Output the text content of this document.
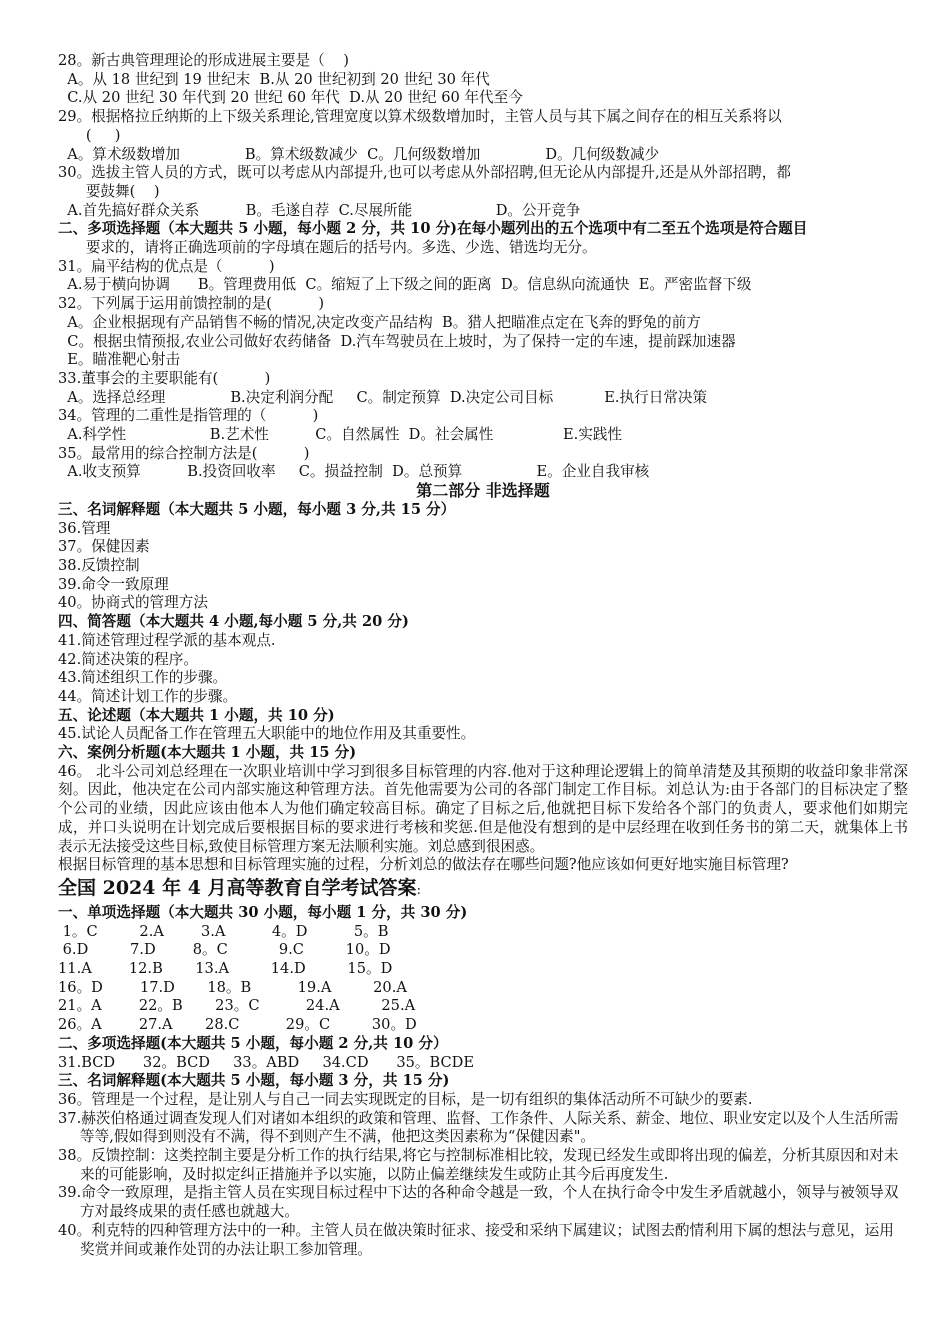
28。新古典管理理论的形成进展主要是（    )
A。从 18 世纪到 19 世纪末  B.从 20 世纪初到 20 世纪 30 年代
C.从 20 世纪 30 年代到 20 世纪 60 年代  D.从 20 世纪 60 年代至今
29。根据格拉丘纳斯的上下级关系理论,管理宽度以算术级数增加时，主管人员与其下属之间存在的相互关系将以
(     )
A。算术级数增加              B。算术级数减少  C。几何级数增加              D。几何级数减少
30。选拔主管人员的方式，既可以考虑从内部提升,也可以考虑从外部招聘,但无论从内部提升,还是从外部招聘，都
要鼓舞(    )
A.首先搞好群众关系          B。毛遂自荐  C.尽展所能                  D。公开竞争
二、多项选择题（本大题共 5 小题，每小题 2 分，共 10 分)在每小题列出的五个选项中有二至五个选项是符合题目
要求的，请将正确选项前的字母填在题后的括号内。多选、少选、错选均无分。
31。扁平结构的优点是（          )
A.易于横向协调      B。管理费用低  C。缩短了上下级之间的距离  D。信息纵向流通快  E。严密监督下级
32。下列属于运用前馈控制的是(          )
A。企业根据现有产品销售不畅的情况,决定改变产品结构  B。猎人把瞄准点定在飞奔的野兔的前方
C。根据虫情预报,农业公司做好农药储备  D.汽车驾驶员在上坡时，为了保持一定的车速，提前踩加速器
E。瞄准靶心射击
33.董事会的主要职能有(          )
A。选择总经理              B.决定利润分配     C。制定预算  D.决定公司目标           E.执行日常决策
34。管理的二重性是指管理的（          )
A.科学性                  B.艺术性          C。自然属性  D。社会属性               E.实践性
35。最常用的综合控制方法是(          )
A.收支预算          B.投资回收率     C。损益控制  D。总预算                E。企业自我审核
第二部分 非选择题
三、名词解释题（本大题共 5 小题，每小题 3 分,共 15 分）
36.管理
37。保健因素
38.反馈控制
39.命令一致原理
40。协商式的管理方法
四、简答题（本大题共 4 小题,每小题 5 分,共 20 分)
41.简述管理过程学派的基本观点.
42.简述决策的程序。
43.简述组织工作的步骤。
44。简述计划工作的步骤。
五、论述题（本大题共 1 小题，共 10 分)
45.试论人员配备工作在管理五大职能中的地位作用及其重要性。
六、案例分析题(本大题共 1 小题，共 15 分)
46。 北斗公司刘总经理在一次职业培训中学习到很多目标管理的内容.他对于这种理论逻辑上的简单清楚及其预期的收益印象非常深刻。因此，他决定在公司内部实施这种管理方法。首先他需要为公司的各部门制定工作目标。刘总认为:由于各部门的目标决定了整个公司的业绩，因此应该由他本人为他们确定较高目标。确定了目标之后,他就把目标下发给各个部门的负责人，要求他们如期完成，并口头说明在计划完成后要根据目标的要求进行考核和奖惩.但是他没有想到的是中层经理在收到任务书的第二天，就集体上书表示无法接受这些目标,致使目标管理方案无法顺利实施。刘总感到很困惑。
根据目标管理的基本思想和目标管理实施的过程，分析刘总的做法存在哪些问题?他应该如何更好地实施目标管理?
全国 2024 年 4 月高等教育自学考试答案:
一、单项选择题（本大题共 30 小题，每小题 1 分，共 30 分)
1。C         2.A        3.A          4。D          5。B
6.D         7.D        8。C           9.C         10。D
11.A        12.B       13.A         14.D         15。D
16。D        17.D       18。B          19.A         20.A
21。A        22。B       23。C          24.A         25.A
26。A        27.A       28.C          29。C         30。D
二、多项选择题(本大题共 5 小题，每小题 2 分,共 10 分）
31.BCD      32。BCD     33。ABD     34.CD      35。BCDE
三、名词解释题(本大题共 5 小题，每小题 3 分，共 15 分)
36。管理是一个过程，是让别人与自己一同去实现既定的目标，是一切有组织的集体活动所不可缺少的要素.
37.赫茨伯格通过调查发现人们对诸如本组织的政策和管理、监督、工作条件、人际关系、薪金、地位、职业安定以及个人生活所需等等,假如得到则没有不满，得不到则产生不满，他把这类因素称为“保健因素"。
38。反馈控制：这类控制主要是分析工作的执行结果,将它与控制标准相比较，发现已经发生或即将出现的偏差，分析其原因和对未来的可能影响，及时拟定纠正措施并予以实施，以防止偏差继续发生或防止其今后再度发生.
39.命令一致原理，是指主管人员在实现目标过程中下达的各种命令越是一致，个人在执行命令中发生矛盾就越小，领导与被领导双方对最终成果的责任感也就越大。
40。利克特的四种管理方法中的一种。主管人员在做决策时征求、接受和采纳下属建议；试图去酌情利用下属的想法与意见，运用奖赏并间或兼作处罚的办法让职工参加管理。
